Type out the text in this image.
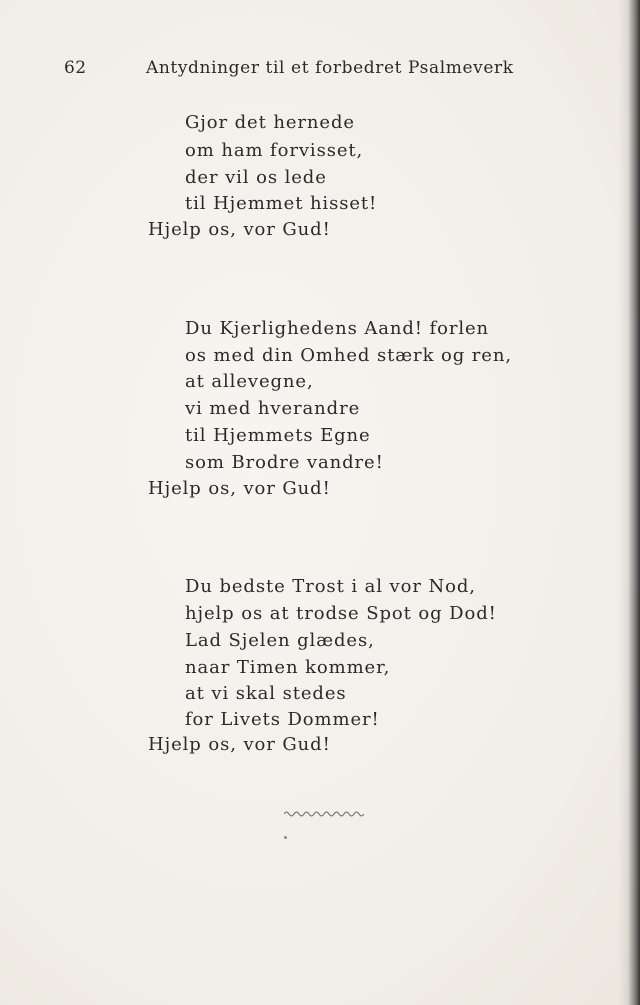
62	Antydninger til et forbedret Psalmeverk
Gjor det hernede
om ham forvisset,
der vil os lede
til Hjemmet hisset!
Hjelp os, vor Gud!
Du Kjerlighedens Aand! forlen
os med din Omhed stærk og ren,
at allevegne,
vi med hverandre
til Hjemmets Egne
som Brodre vandre!
Hjelp os, vor Gud!
Du bedste Trost i al vor Nod,
hjelp os at trodse Spot og Dod!
Lad Sjelen glædes,
naar Timen kommer,
at vi skal stedes
for Livets Dommer!
Hjelp os, vor Gud!
